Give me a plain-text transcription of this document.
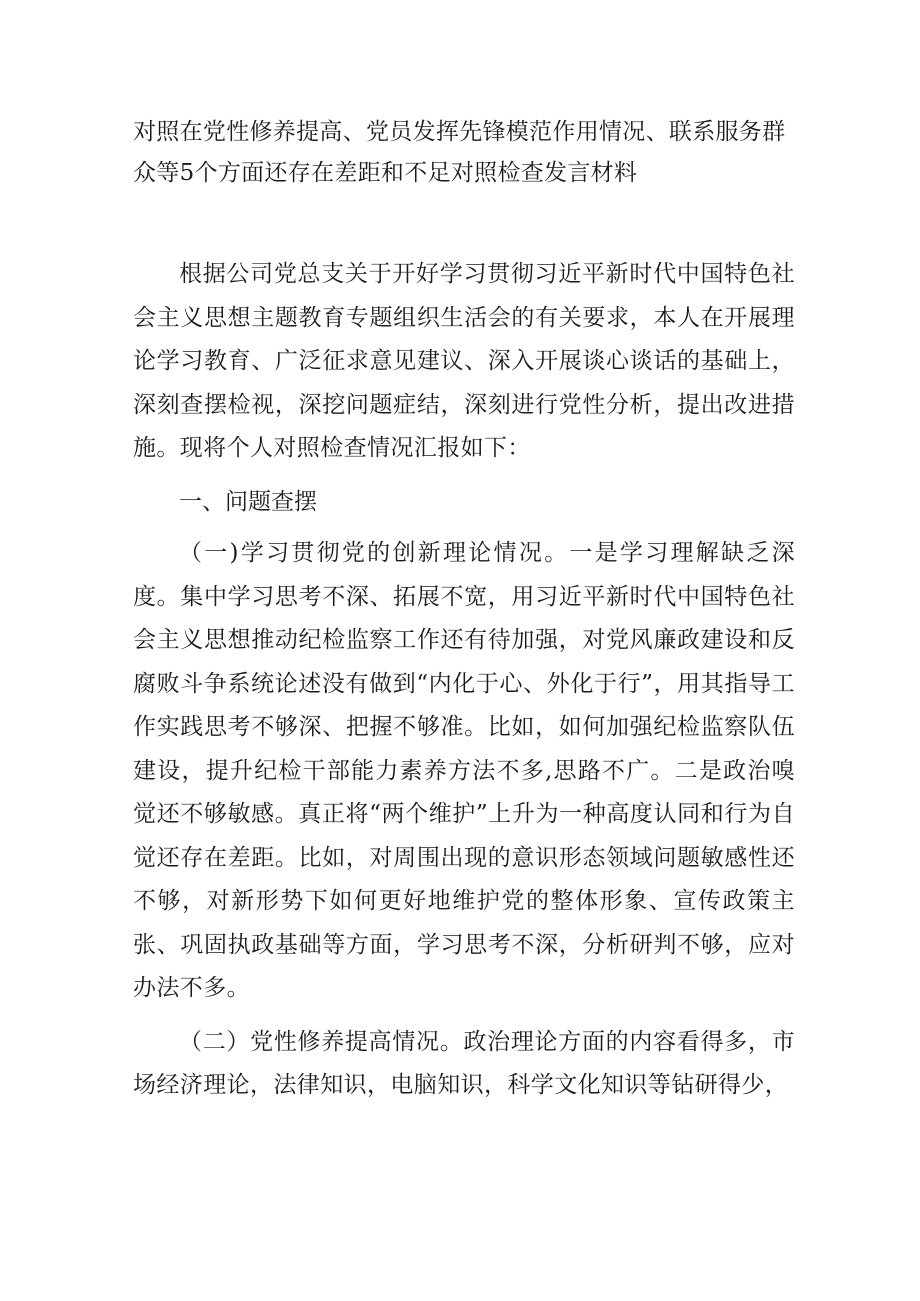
对照在党性修养提高、党员发挥先锋模范作用情况、联系服务群众等5个方面还存在差距和不足对照检查发言材料

根据公司党总支关于开好学习贯彻习近平新时代中国特色社会主义思想主题教育专题组织生活会的有关要求，本人在开展理论学习教育、广泛征求意见建议、深入开展谈心谈话的基础上，深刻查摆检视，深挖问题症结，深刻进行党性分析，提出改进措施。现将个人对照检查情况汇报如下：

一、问题查摆

（一)学习贯彻党的创新理论情况。一是学习理解缺乏深度。集中学习思考不深、拓展不宽，用习近平新时代中国特色社会主义思想推动纪检监察工作还有待加强，对党风廉政建设和反腐败斗争系统论述没有做到“内化于心、外化于行”，用其指导工作实践思考不够深、把握不够准。比如，如何加强纪检监察队伍建设，提升纪检干部能力素养方法不多,思路不广。二是政治嗅觉还不够敏感。真正将“两个维护”上升为一种高度认同和行为自觉还存在差距。比如，对周围出现的意识形态领域问题敏感性还不够，对新形势下如何更好地维护党的整体形象、宣传政策主张、巩固执政基础等方面，学习思考不深，分析研判不够，应对办法不多。

（二）党性修养提高情况。政治理论方面的内容看得多，市场经济理论，法律知识，电脑知识，科学文化知识等钻研得少，
